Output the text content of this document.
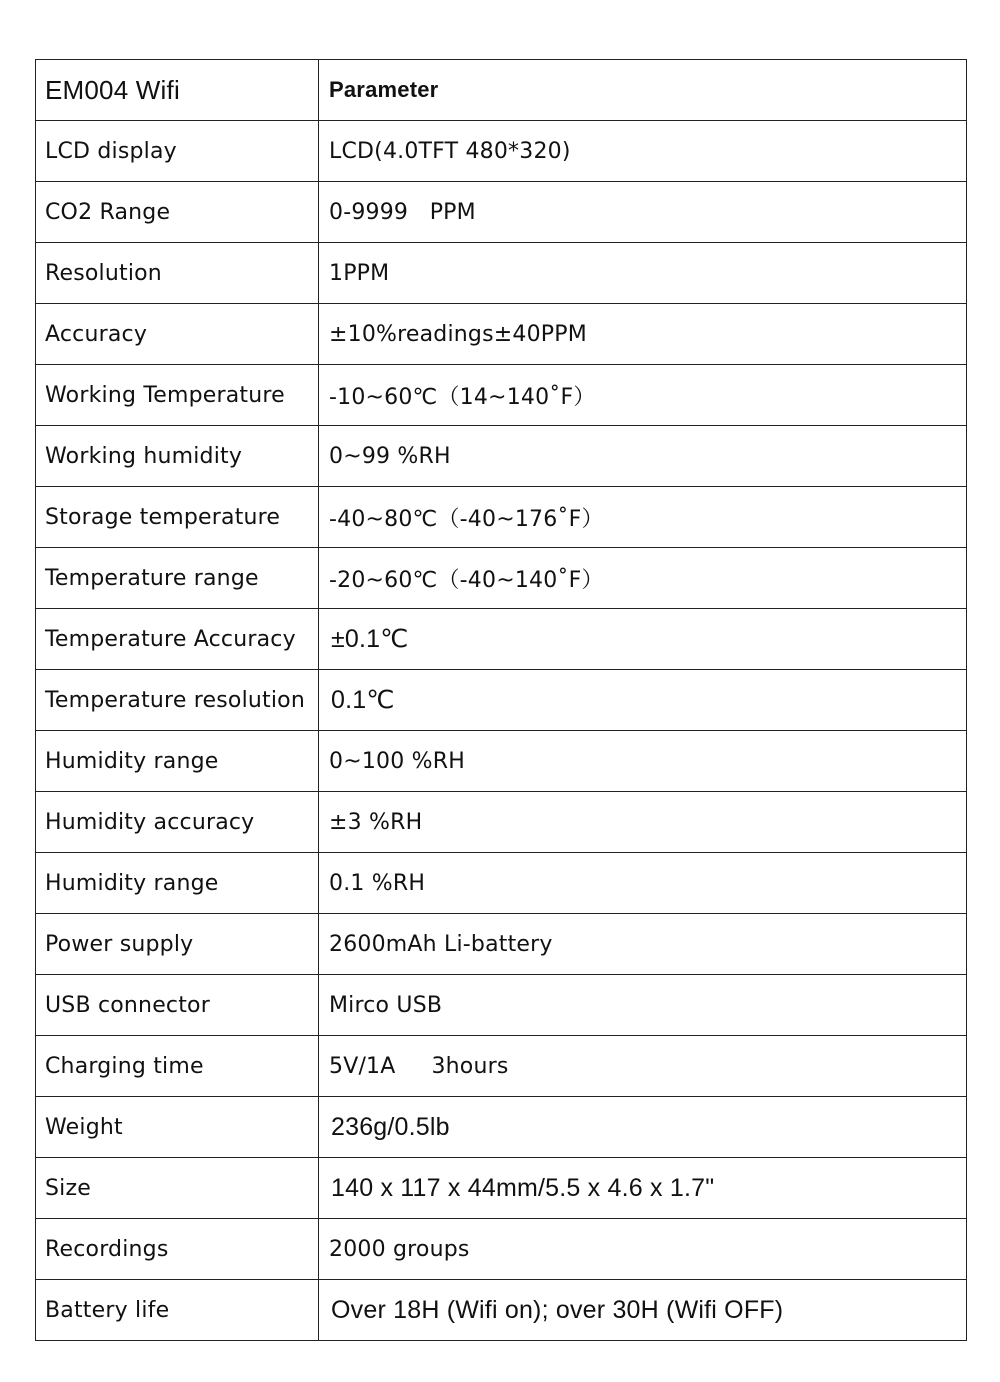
EM004 Wifi	Parameter
LCD display	LCD(4.0TFT 480*320)
CO2 Range	0-9999   PPM
Resolution	1PPM
Accuracy	±10%readings±40PPM
Working Temperature	-10~60℃（14~140˚F）
Working humidity	0~99 %RH
Storage temperature	-40~80℃（-40~176˚F）
Temperature range	-20~60℃（-40~140˚F）
Temperature Accuracy	±0.1℃
Temperature resolution	0.1℃
Humidity range	0~100 %RH
Humidity accuracy	±3 %RH
Humidity range	0.1 %RH
Power supply	2600mAh Li-battery
USB connector	Mirco USB
Charging time	5V/1A     3hours
Weight	236g/0.5lb
Size	140 x 117 x 44mm/5.5 x 4.6 x 1.7"
Recordings	2000 groups
Battery life	Over 18H (Wifi on); over 30H (Wifi OFF)
